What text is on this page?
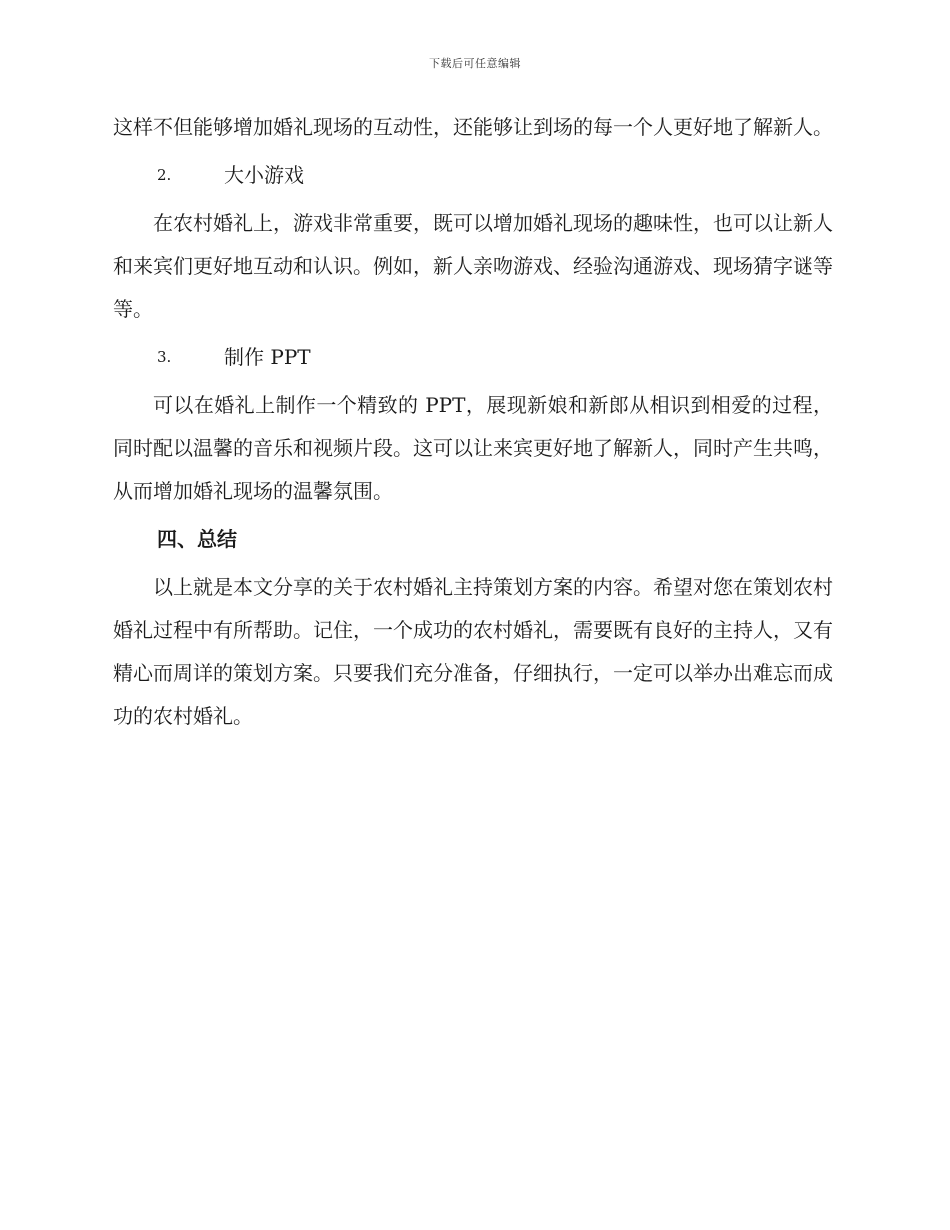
下载后可任意编辑

这样不但能够增加婚礼现场的互动性，还能够让到场的每一个人更好地了解新人。

2.	大小游戏

在农村婚礼上，游戏非常重要，既可以增加婚礼现场的趣味性，也可以让新人和来宾们更好地互动和认识。例如，新人亲吻游戏、经验沟通游戏、现场猜字谜等等。

3.	制作 PPT

可以在婚礼上制作一个精致的 PPT，展现新娘和新郎从相识到相爱的过程，同时配以温馨的音乐和视频片段。这可以让来宾更好地了解新人，同时产生共鸣，从而增加婚礼现场的温馨氛围。

四、总结

以上就是本文分享的关于农村婚礼主持策划方案的内容。希望对您在策划农村婚礼过程中有所帮助。记住，一个成功的农村婚礼，需要既有良好的主持人，又有精心而周详的策划方案。只要我们充分准备，仔细执行，一定可以举办出难忘而成功的农村婚礼。
